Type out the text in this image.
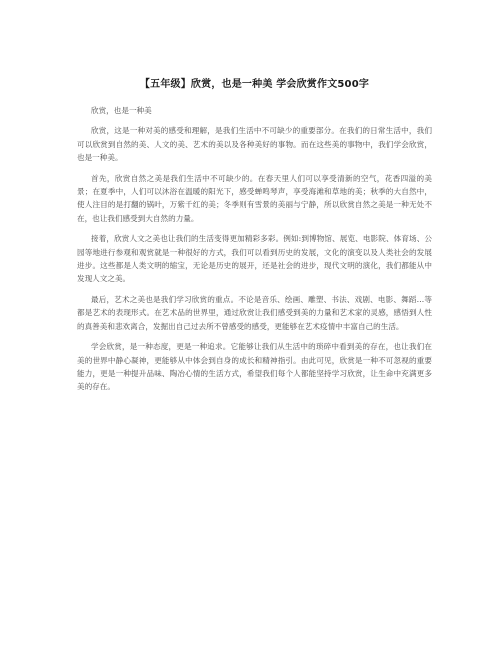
【五年级】欣赏，也是一种美 学会欣赏作文500字

欣赏，也是一种美

欣赏，这是一种对美的感受和理解，是我们生活中不可缺少的重要部分。在我们的日常生活中，我们可以欣赏到自然的美、人文的美、艺术的美以及各种美好的事物。而在这些美的事物中，我们学会欣赏，也是一种美。

首先，欣赏自然之美是我们生活中不可缺少的。在春天里人们可以享受清新的空气，花香四溢的美景；在夏季中，人们可以沐浴在温暖的阳光下，感受蝉鸣琴声，享受海滩和草地的美；秋季的大自然中，使人注目的是打翻的锅叶，万紫千红的美；冬季则有雪景的美丽与宁静，所以欣赏自然之美是一种无处不在，也让我们感受到大自然的力量。

接着，欣赏人文之美也让我们的生活变得更加精彩多彩。例如:到博物馆、展览、电影院、体育场、公园等地进行参观和观赏就是一种很好的方式，我们可以看到历史的发展，文化的演变以及人类社会的发展进步。这些都是人类文明的缩宝，无论是历史的展开，还是社会的进步，现代文明的演化，我们都能从中发现人文之美。

最后，艺术之美也是我们学习欣赏的重点。不论是音乐、绘画、雕塑、书法、戏剧、电影、舞蹈…等都是艺术的表现形式。在艺术品的世界里，通过欣赏让我们感受到美的力量和艺术家的灵感，感悟到人性的真善美和悲欢离合，发掘出自己过去所不曾感受的感受，更能够在艺术疫情中丰富自己的生活。

学会欣赏，是一种态度，更是一种追求。它能够让我们从生活中的琐碎中看到美的存在，也让我们在美的世界中静心凝神，更能够从中体会到自身的成长和精神指引。由此可见，欣赏是一种不可忽视的重要能力，更是一种提升品味、陶冶心情的生活方式，希望我们每个人都能坚持学习欣赏，让生命中充满更多美的存在。
